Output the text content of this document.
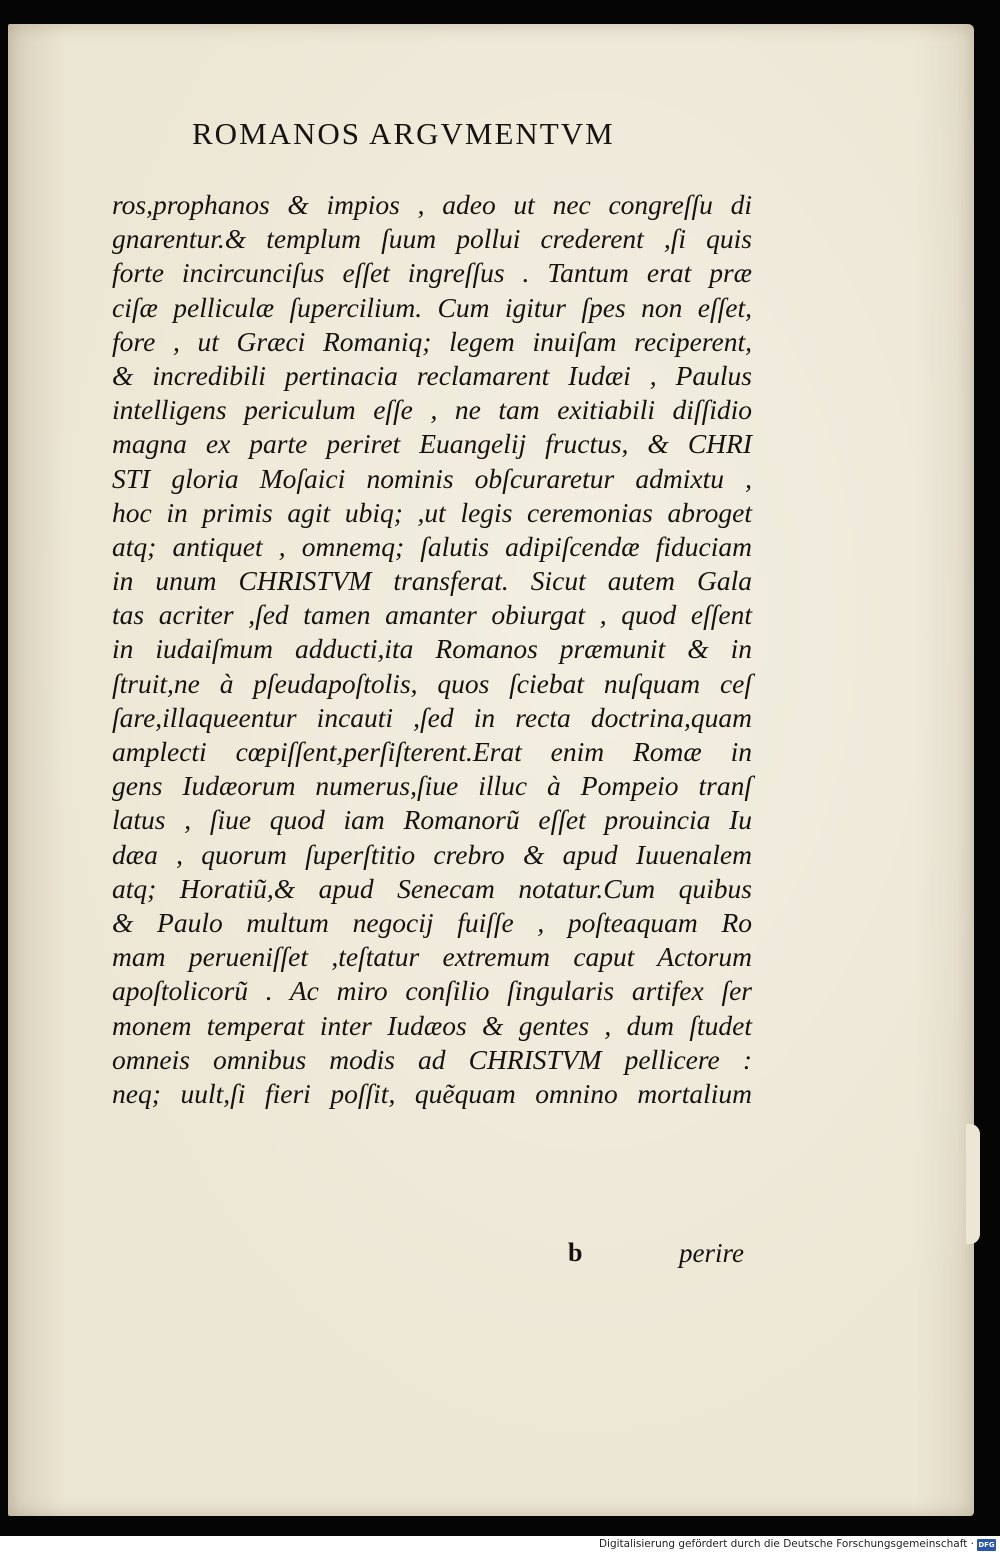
ROMANOS ARGVMENTVM
ros,prophanos & impios , adeo ut nec congreſſu di
gnarentur.& templum ſuum pollui crederent ,ſi quis
forte incircunciſus eſſet ingreſſus . Tantum erat præ
ciſæ pelliculæ ſupercilium. Cum igitur ſpes non eſſet,
fore , ut Græci Romaniq; legem inuiſam reciperent,
& incredibili pertinacia reclamarent Iudæi , Paulus
intelligens periculum eſſe , ne tam exitiabili diſſidio
magna ex parte periret Euangelij fructus, & CHRI
STI gloria Moſaici nominis obſcuraretur admixtu ,
hoc in primis agit ubiq; ,ut legis ceremonias abroget
atq; antiquet , omnemq; ſalutis adipiſcendæ fiduciam
in unum CHRISTVM transferat. Sicut autem Gala
tas acriter ,ſed tamen amanter obiurgat , quod eſſent
in iudaiſmum adducti,ita Romanos præmunit & in
ſtruit,ne à pſeudapoſtolis, quos ſciebat nuſquam ceſ
ſare,illaqueentur incauti ,ſed in recta doctrina,quam
amplecti cœpiſſent,perſiſterent.Erat enim Romæ in
gens Iudæorum numerus,ſiue illuc à Pompeio tranſ
latus , ſiue quod iam Romanorũ eſſet prouincia Iu
dæa , quorum ſuperſtitio crebro & apud Iuuenalem
atq; Horatiũ,& apud Senecam notatur.Cum quibus
& Paulo multum negocij fuiſſe , poſteaquam Ro
mam perueniſſet ,teſtatur extremum caput Actorum
apoſtolicorũ . Ac miro conſilio ſingularis artifex ſer
monem temperat inter Iudæos & gentes , dum ſtudet
omneis omnibus modis ad CHRISTVM pellicere :
neq; uult,ſi fieri poſſit, quẽquam omnino mortalium
b	perire
Digitalisierung gefördert durch die Deutsche Forschungsgemeinschaft · DFG
